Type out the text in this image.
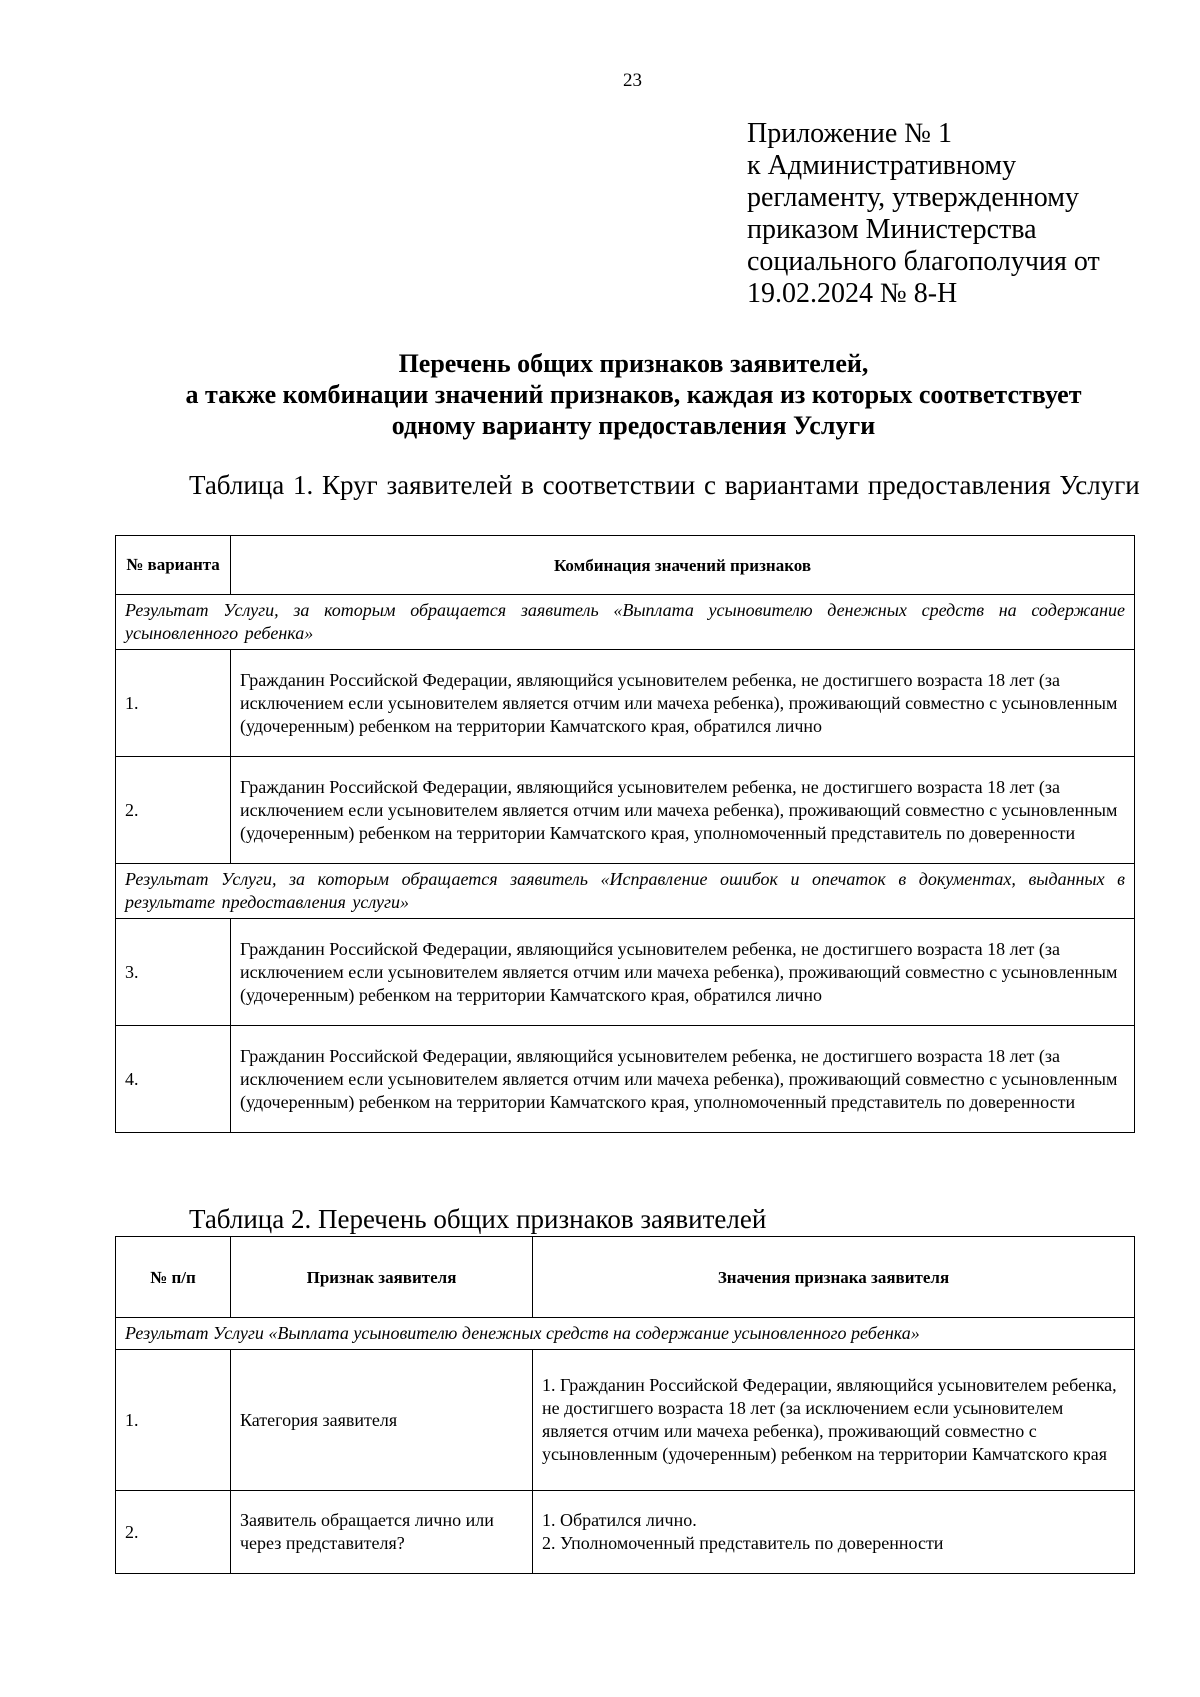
23
Приложение № 1
к Административному
регламенту, утвержденному
приказом Министерства
социального благополучия от
19.02.2024 № 8-Н
Перечень общих признаков заявителей,
а также комбинации значений признаков, каждая из которых соответствует
одному варианту предоставления Услуги
Таблица 1. Круг заявителей в соответствии с вариантами предоставления Услуги
№ варианта	Комбинация значений признаков
Результат Услуги, за которым обращается заявитель «Выплата усыновителю денежных средств на содержание усыновленного ребенка»	
1.	Гражданин Российской Федерации, являющийся усыновителем ребенка, не достигшего возраста 18 лет (за исключением если усыновителем является отчим или мачеха ребенка), проживающий совместно с усыновленным (удочеренным) ребенком на территории Камчатского края, обратился лично
2.	Гражданин Российской Федерации, являющийся усыновителем ребенка, не достигшего возраста 18 лет (за исключением если усыновителем является отчим или мачеха ребенка), проживающий совместно с усыновленным (удочеренным) ребенком на территории Камчатского края, уполномоченный представитель по доверенности
Результат Услуги, за которым обращается заявитель «Исправление ошибок и опечаток в документах, выданных в результате предоставления услуги»	
3.	Гражданин Российской Федерации, являющийся усыновителем ребенка, не достигшего возраста 18 лет (за исключением если усыновителем является отчим или мачеха ребенка), проживающий совместно с усыновленным (удочеренным) ребенком на территории Камчатского края, обратился лично
4.	Гражданин Российской Федерации, являющийся усыновителем ребенка, не достигшего возраста 18 лет (за исключением если усыновителем является отчим или мачеха ребенка), проживающий совместно с усыновленным (удочеренным) ребенком на территории Камчатского края, уполномоченный представитель по доверенности
Таблица 2. Перечень общих признаков заявителей
№ п/п	Признак заявителя	Значения признака заявителя
Результат Услуги «Выплата усыновителю денежных средств на содержание усыновленного ребенка»		
1.	Категория заявителя	1. Гражданин Российской Федерации, являющийся усыновителем ребенка, не достигшего возраста 18 лет (за исключением если усыновителем является отчим или мачеха ребенка), проживающий совместно с усыновленным (удочеренным) ребенком на территории Камчатского края
2.	Заявитель обращается лично или через представителя?	1. Обратился лично.
2. Уполномоченный представитель по доверенности
